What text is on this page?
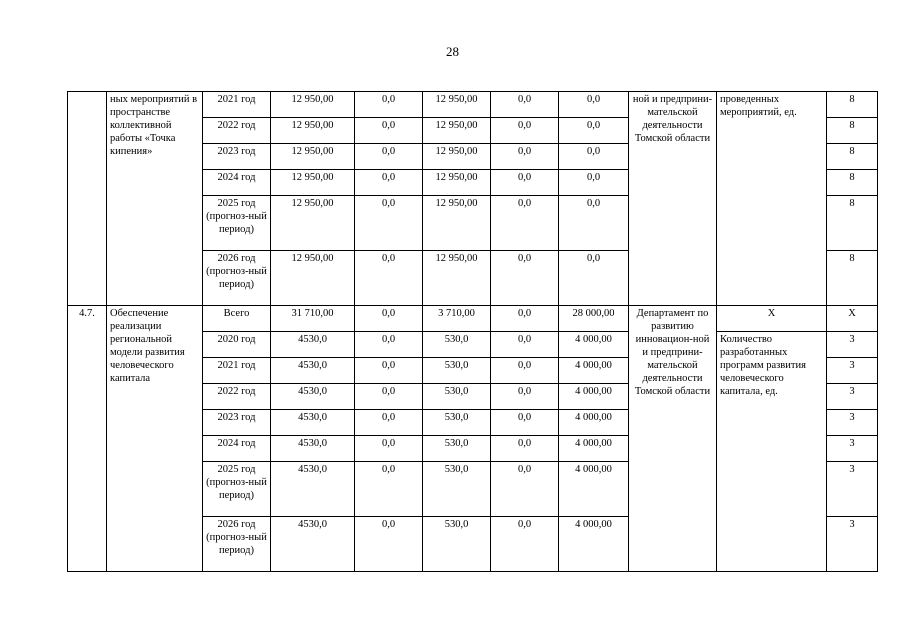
28
	ных мероприятий в пространстве коллективной работы «Точка кипения»	2021 год	12 950,00	0,0	12 950,00	0,0	0,0	ной и предприни-мательской деятельности Томской области	проведенных мероприятий, ед.	8
		2022 год	12 950,00	0,0	12 950,00	0,0	0,0			8
		2023 год	12 950,00	0,0	12 950,00	0,0	0,0			8
		2024 год	12 950,00	0,0	12 950,00	0,0	0,0			8
		2025 год (прогноз-ный период)	12 950,00	0,0	12 950,00	0,0	0,0			8
		2026 год (прогноз-ный период)	12 950,00	0,0	12 950,00	0,0	0,0			8
4.7.	Обеспечение реализации региональной модели развития человеческого капитала	Всего	31 710,00	0,0	3 710,00	0,0	28 000,00	Департамент по развитию инновацион-ной и предприни-мательской деятельности Томской области	Х	Х
		2020 год	4530,0	0,0	530,0	0,0	4 000,00		Количество разработанных программ развития человеческого капитала, ед.	3
		2021 год	4530,0	0,0	530,0	0,0	4 000,00			3
		2022 год	4530,0	0,0	530,0	0,0	4 000,00			3
		2023 год	4530,0	0,0	530,0	0,0	4 000,00			3
		2024 год	4530,0	0,0	530,0	0,0	4 000,00			3
		2025 год (прогноз-ный период)	4530,0	0,0	530,0	0,0	4 000,00			3
		2026 год (прогноз-ный период)	4530,0	0,0	530,0	0,0	4 000,00			3
